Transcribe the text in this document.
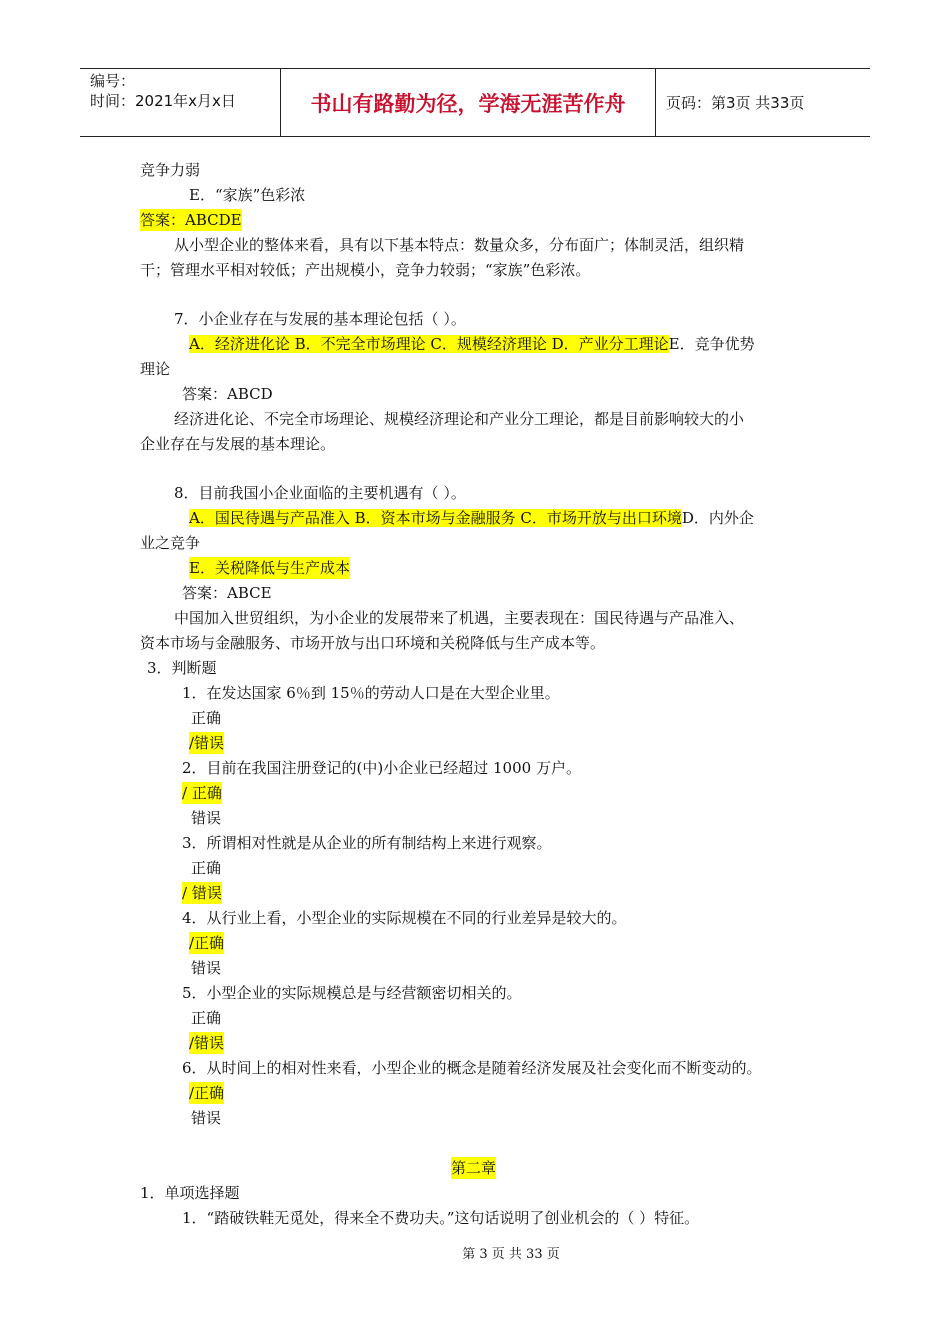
编号：
时间：2021年x月x日	书山有路勤为径，学海无涯苦作舟	页码：第3页 共33页
竞争力弱
E．“家族”色彩浓
答案：ABCDE
从小型企业的整体来看，具有以下基本特点：数量众多，分布面广；体制灵活，组织精
干；管理水平相对较低；产出规模小，竞争力较弱；“家族”色彩浓。
7．小企业存在与发展的基本理论包括（ ）。
A．经济进化论 B．不完全市场理论 C．规模经济理论 D．产业分工理论E．竞争优势
理论
答案：ABCD
经济进化论、不完全市场理论、规模经济理论和产业分工理论，都是目前影响较大的小
企业存在与发展的基本理论。
8．目前我国小企业面临的主要机遇有（ ）。
A．国民待遇与产品准入 B．资本市场与金融服务 C．市场开放与出口环境D．内外企
业之竞争
E．关税降低与生产成本
答案：ABCE
中国加入世贸组织，为小企业的发展带来了机遇，主要表现在：国民待遇与产品准入、
资本市场与金融服务、市场开放与出口环境和关税降低与生产成本等。
3．判断题
1．在发达国家 6％到 15％的劳动人口是在大型企业里。
正确
/错误
2．目前在我国注册登记的(中)小企业已经超过 1000 万户。
/ 正确
错误
3．所谓相对性就是从企业的所有制结构上来进行观察。
正确
/ 错误
4．从行业上看，小型企业的实际规模在不同的行业差异是较大的。
/正确
错误
5．小型企业的实际规模总是与经营额密切相关的。
正确
/错误
6．从时间上的相对性来看，小型企业的概念是随着经济发展及社会变化而不断变动的。
/正确
错误
第二章
1．单项选择题
1．“踏破铁鞋无觅处，得来全不费功夫。”这句话说明了创业机会的（ ）特征。
第 3 页 共 33 页
